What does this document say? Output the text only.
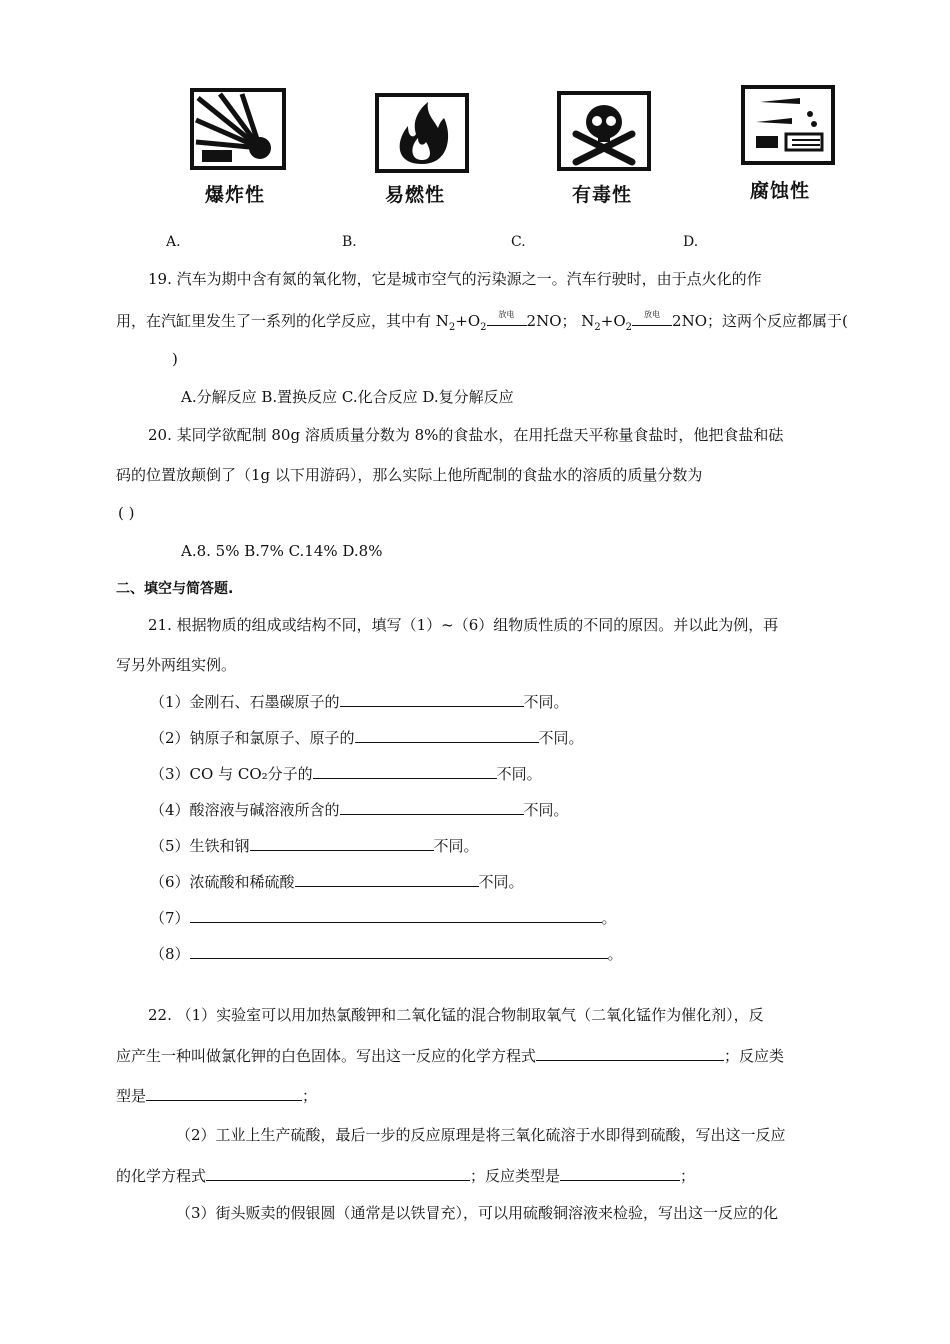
爆炸性	易燃性	有毒性	腐蚀性
A.	B.	C.	D.
19. 汽车为期中含有氮的氧化物，它是城市空气的污染源之一。汽车行驶时，由于点火化的作
用，在汽缸里发生了一系列的化学反应，其中有 $N_2+O_2$
放电 2NO； $N_2+O_2$
放电 2NO；这两个反应都属于(
)
A.分解反应 B.置换反应 C.化合反应 D.复分解反应
20. 某同学欲配制 80g 溶质质量分数为 8%的食盐水，在用托盘天平称量食盐时，他把食盐和砝
码的位置放颠倒了（1g 以下用游码），那么实际上他所配制的食盐水的溶质的质量分数为
( )
A.8. 5% B.7% C.14% D.8%
二、填空与简答题.
21. 根据物质的组成或结构不同，填写（1）~（6）组物质性质的不同的原因。并以此为例，再
写另外两组实例。
（1）金刚石、石墨碳原子的	不同。
（2）钠原子和氯原子、原子的	不同。
（3）CO 与 CO₂分子的	不同。
（4）酸溶液与碱溶液所含的	不同。
（5）生铁和钢	不同。
（6）浓硫酸和稀硫酸	不同。
（7）	。
（8）	。
22. （1）实验室可以用加热氯酸钾和二氧化锰的混合物制取氧气（二氧化锰作为催化剂），反
应产生一种叫做氯化钾的白色固体。写出这一反应的化学方程式	；反应类
型是	；
（2）工业上生产硫酸，最后一步的反应原理是将三氧化硫溶于水即得到硫酸，写出这一反应
的化学方程式	；反应类型是	；
（3）街头贩卖的假银圆（通常是以铁冒充），可以用硫酸铜溶液来检验，写出这一反应的化
